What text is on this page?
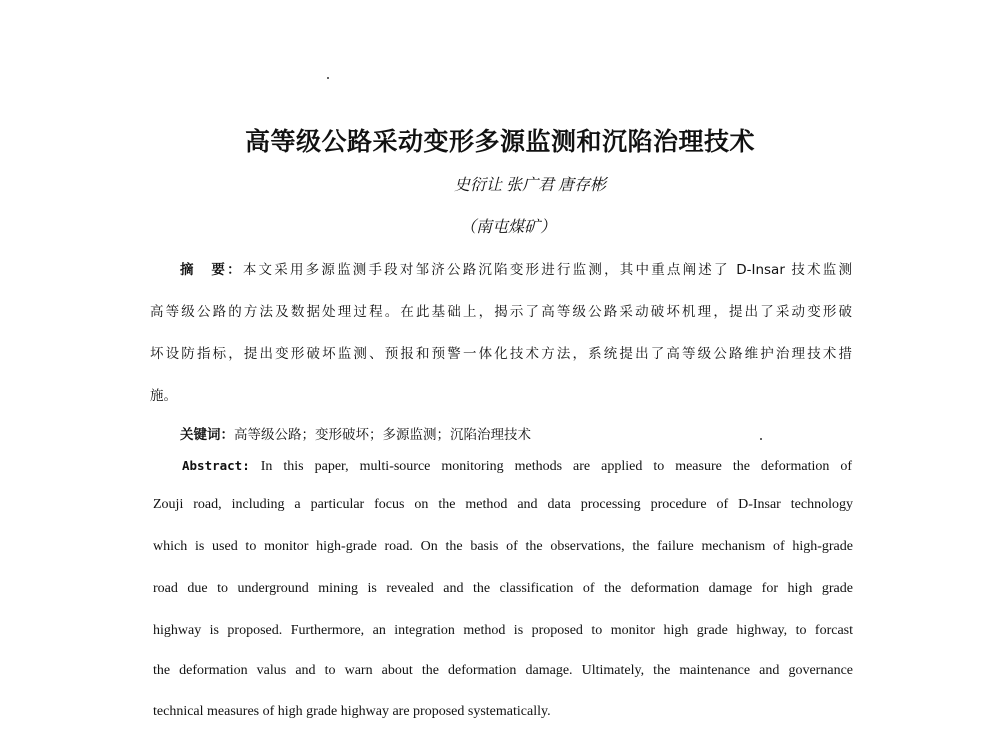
高等级公路采动变形多源监测和沉陷治理技术
史衍让 张广君 唐存彬
（南屯煤矿）
摘　要：本文采用多源监测手段对邹济公路沉陷变形进行监测，其中重点阐述了 D-Insar 技术监测
高等级公路的方法及数据处理过程。在此基础上，揭示了高等级公路采动破坏机理，提出了采动变形破
坏设防指标，提出变形破坏监测、预报和预警一体化技术方法，系统提出了高等级公路维护治理技术措
施。
关键词：高等级公路；变形破坏；多源监测；沉陷治理技术
Abstract: In this paper, multi-source monitoring methods are applied to measure the deformation of
Zouji road, including a particular focus on the method and data processing procedure of D-Insar technology
which is used to monitor high-grade road. On the basis of the observations, the failure mechanism of high-grade
road due to underground mining is revealed and the classification of the deformation damage for high grade
highway is proposed. Furthermore, an integration method is proposed to monitor high grade highway, to forcast
the deformation valus and to warn about the deformation damage. Ultimately, the maintenance and governance
technical measures of high grade highway are proposed systematically.
